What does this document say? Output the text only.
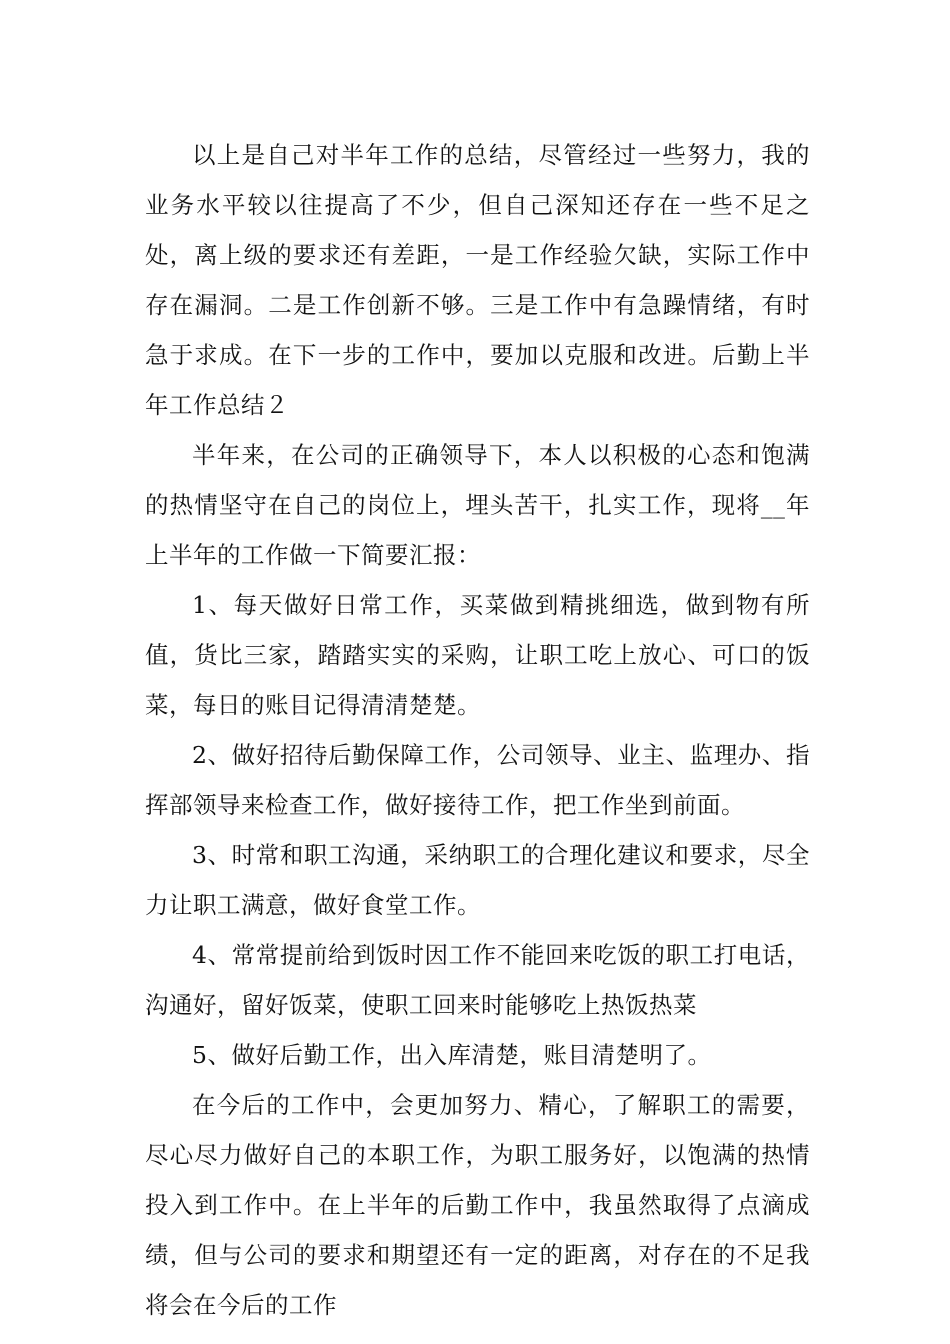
以上是自己对半年工作的总结，尽管经过一些努力，我的业务水平较以往提高了不少，但自己深知还存在一些不足之处，离上级的要求还有差距，一是工作经验欠缺，实际工作中存在漏洞。二是工作创新不够。三是工作中有急躁情绪，有时急于求成。在下一步的工作中，要加以克服和改进。后勤上半年工作总结２

半年来，在公司的正确领导下，本人以积极的心态和饱满的热情坚守在自己的岗位上，埋头苦干，扎实工作，现将__年上半年的工作做一下简要汇报：

1、每天做好日常工作，买菜做到精挑细选，做到物有所值，货比三家，踏踏实实的采购，让职工吃上放心、可口的饭菜，每日的账目记得清清楚楚。

2、做好招待后勤保障工作，公司领导、业主、监理办、指挥部领导来检查工作，做好接待工作，把工作坐到前面。

3、时常和职工沟通，采纳职工的合理化建议和要求，尽全力让职工满意，做好食堂工作。

4、常常提前给到饭时因工作不能回来吃饭的职工打电话，沟通好，留好饭菜，使职工回来时能够吃上热饭热菜

5、做好后勤工作，出入库清楚，账目清楚明了。

在今后的工作中，会更加努力、精心，了解职工的需要，尽心尽力做好自己的本职工作，为职工服务好，以饱满的热情投入到工作中。在上半年的后勤工作中，我虽然取得了点滴成绩，但与公司的要求和期望还有一定的距离，对存在的不足我将会在今后的工作
